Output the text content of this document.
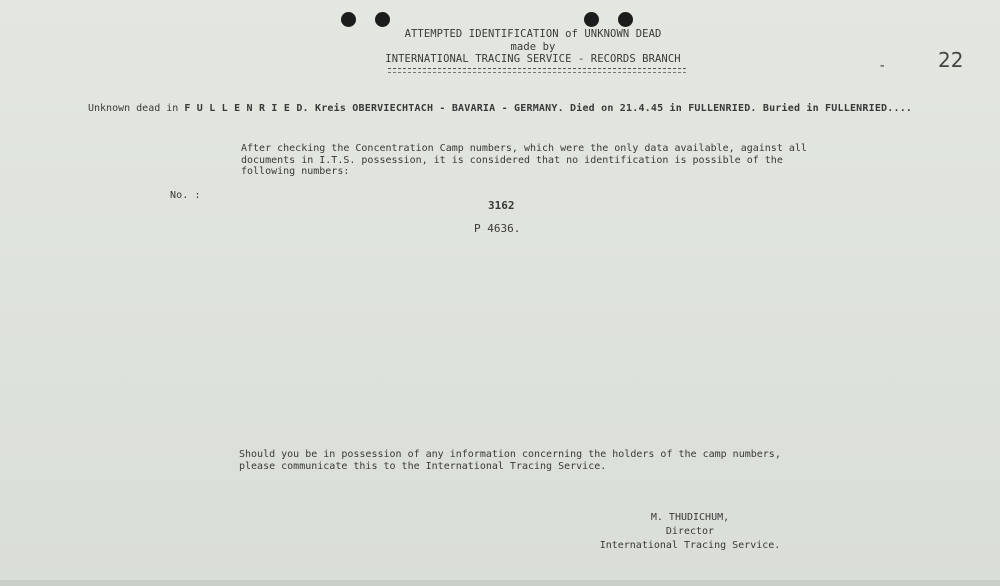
ATTEMPTED IDENTIFICATION of UNKNOWN DEAD
made by
INTERNATIONAL TRACING SERVICE - RECORDS BRANCH	-	22
Unknown dead in F U L L E N R I E D. Kreis OBERVIECHTACH - BAVARIA - GERMANY. Died on 21.4.45 in FULLENRIED. Buried in FULLENRIED....
After checking the Concentration Camp numbers, which were the only data available, against all
documents in I.T.S. possession, it is considered that no identification is possible of the
following numbers:
No. :
3162
P 4636.
Should you be in possession of any information concerning the holders of the camp numbers,
please communicate this to the International Tracing Service.
M. THUDICHUM,
Director
International Tracing Service.
